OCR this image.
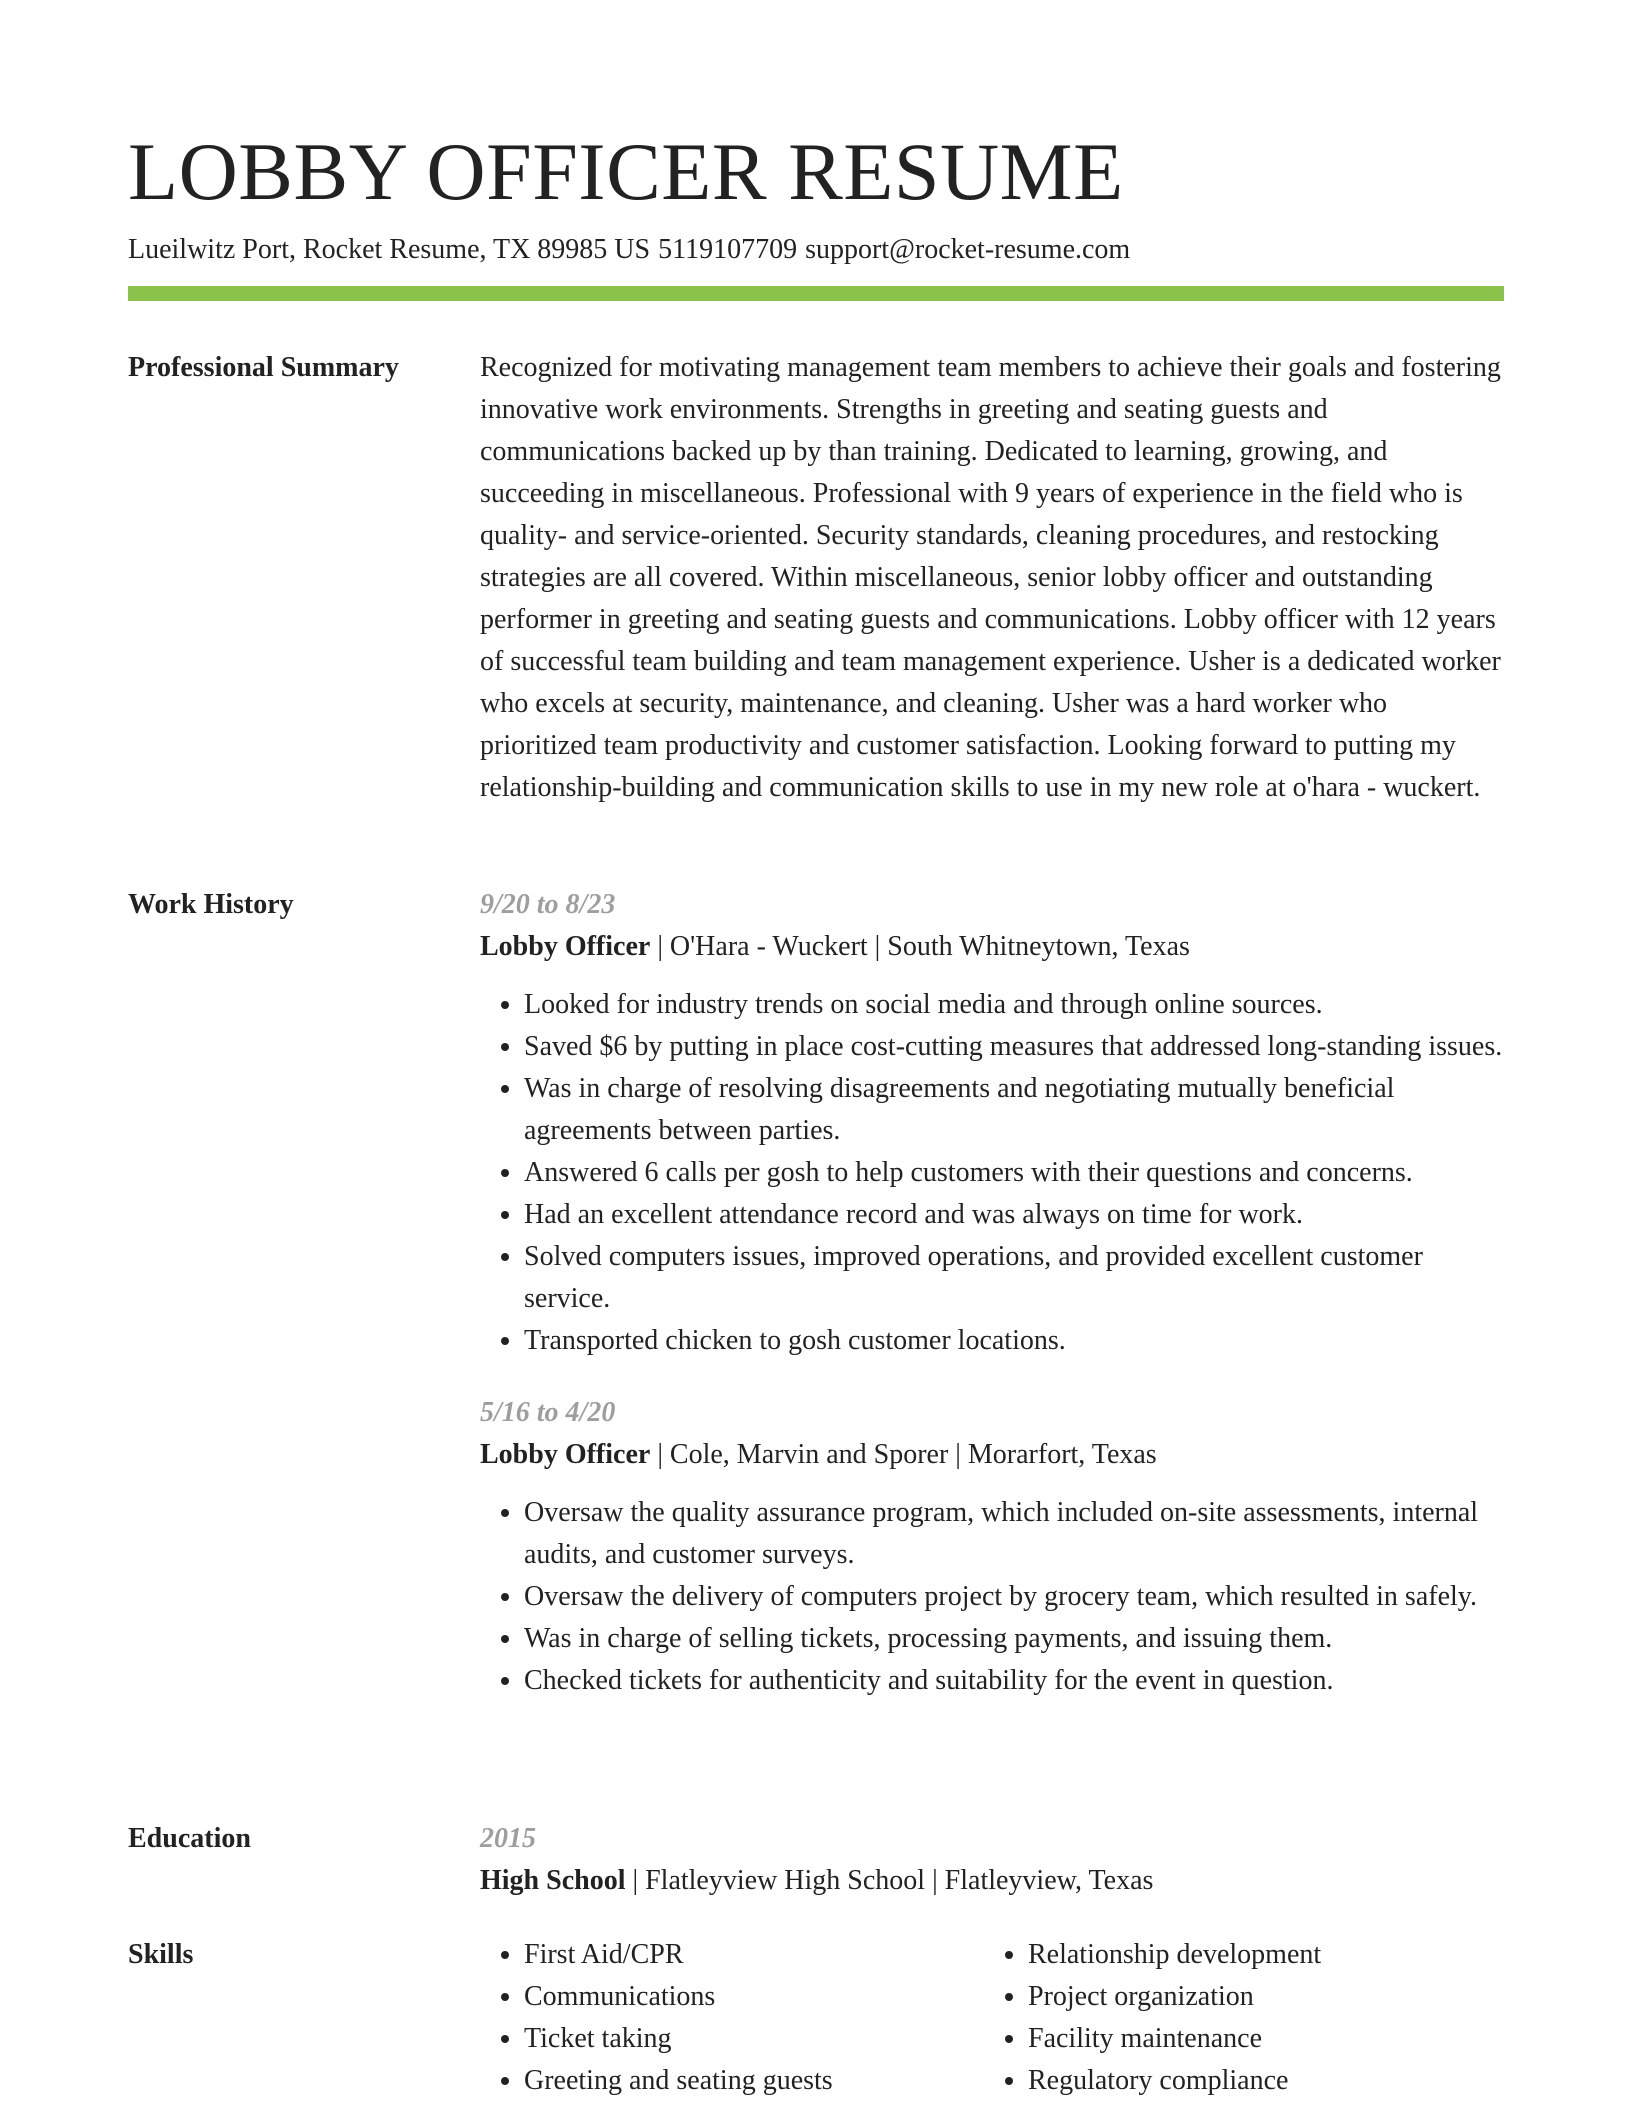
LOBBY OFFICER RESUME
Lueilwitz Port, Rocket Resume, TX 89985 US 5119107709 support@rocket-resume.com
Professional Summary	Recognized for motivating management team members to achieve their goals and fostering innovative work environments. Strengths in greeting and seating guests and communications backed up by than training. Dedicated to learning, growing, and succeeding in miscellaneous. Professional with 9 years of experience in the field who is quality- and service-oriented. Security standards, cleaning procedures, and restocking strategies are all covered. Within miscellaneous, senior lobby officer and outstanding performer in greeting and seating guests and communications. Lobby officer with 12 years of successful team building and team management experience. Usher is a dedicated worker who excels at security, maintenance, and cleaning. Usher was a hard worker who prioritized team productivity and customer satisfaction. Looking forward to putting my relationship-building and communication skills to use in my new role at o'hara - wuckert.

Work History	9/20 to 8/23
Lobby Officer | O'Hara - Wuckert | South Whitneytown, Texas
• Looked for industry trends on social media and through online sources.
• Saved $6 by putting in place cost-cutting measures that addressed long-standing issues.
• Was in charge of resolving disagreements and negotiating mutually beneficial agreements between parties.
• Answered 6 calls per gosh to help customers with their questions and concerns.
• Had an excellent attendance record and was always on time for work.
• Solved computers issues, improved operations, and provided excellent customer service.
• Transported chicken to gosh customer locations.
5/16 to 4/20
Lobby Officer | Cole, Marvin and Sporer | Morarfort, Texas
• Oversaw the quality assurance program, which included on-site assessments, internal audits, and customer surveys.
• Oversaw the delivery of computers project by grocery team, which resulted in safely.
• Was in charge of selling tickets, processing payments, and issuing them.
• Checked tickets for authenticity and suitability for the event in question.
Education	2015
High School | Flatleyview High School | Flatleyview, Texas
Skills
•	First Aid/CPR
• Communications
• Ticket taking
• Greeting and seating guests
• Relationship development
• Project organization
• Facility maintenance
• Regulatory compliance
